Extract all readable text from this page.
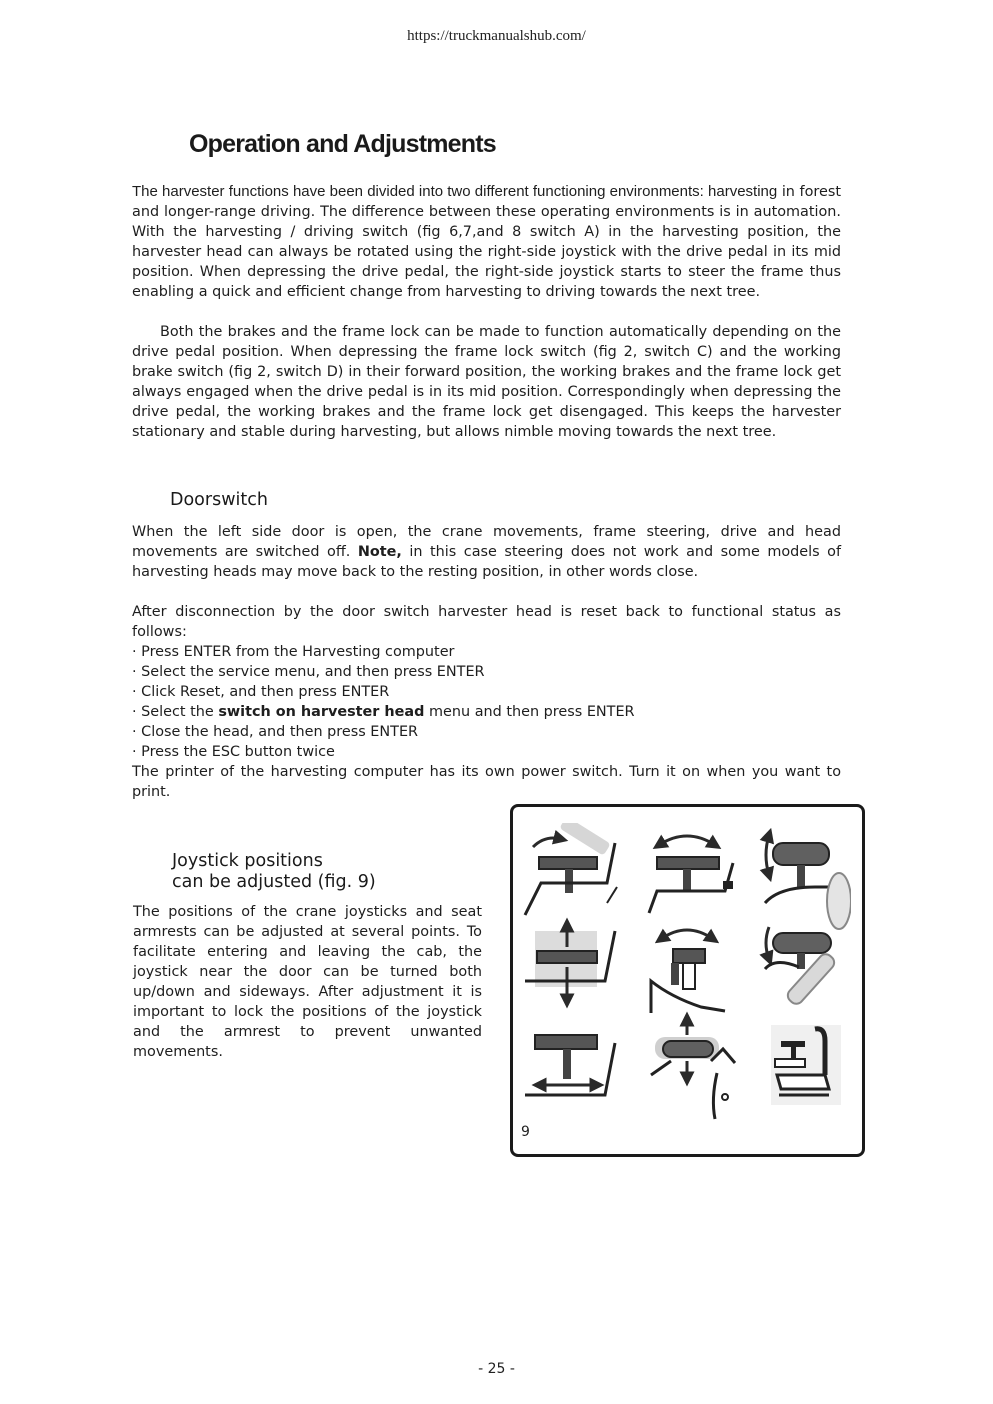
https://truckmanualshub.com/
Operation and Adjustments

The harvester functions have been divided into two different functioning environments: harvesting in forest and longer-range driving. The difference between these operating environments is in automation. With the harvesting / driving switch (fig 6,7,and 8 switch A) in the harvesting position, the harvester head can always be rotated using the right-side joystick with the drive pedal in its mid position. When depressing the drive pedal, the right-side joystick starts to steer the frame thus enabling a quick and efficient change from harvesting to driving towards the next tree.

Both the brakes and the frame lock can be made to function automatically depending on the drive pedal position. When depressing the frame lock switch (fig 2, switch C) and the working brake switch (fig 2, switch D) in their forward position, the working brakes and the frame lock get always engaged when the drive pedal is in its mid position. Correspondingly when depressing the drive pedal, the working brakes and the frame lock get disengaged. This keeps the harvester stationary and stable during harvesting, but allows nimble moving towards the next tree.

Doorswitch

When the left side door is open, the crane movements, frame steering, drive and head movements are switched off. Note, in this case steering does not work and some models of harvesting heads may move back to the resting position, in other words close.

After disconnection by the door switch harvester head is reset back to functional status as follows:
· Press ENTER from the Harvesting computer
· Select the service menu, and then press ENTER
· Click Reset, and then press ENTER
· Select the switch on harvester head menu and then press ENTER
· Close the head, and then press ENTER
· Press the ESC button twice
The printer of the harvesting computer has its own power switch. Turn it on when you want to print.
Joystick positions
can be adjusted (fig. 9)

The positions of the crane joysticks and seat armrests can be adjusted at several points. To facilitate entering and leaving the cab, the joystick near the door can be turned both up/down and sideways. After adjustment it is important to lock the positions of the joystick and the armrest to prevent unwanted movements.

9
- 25 -
